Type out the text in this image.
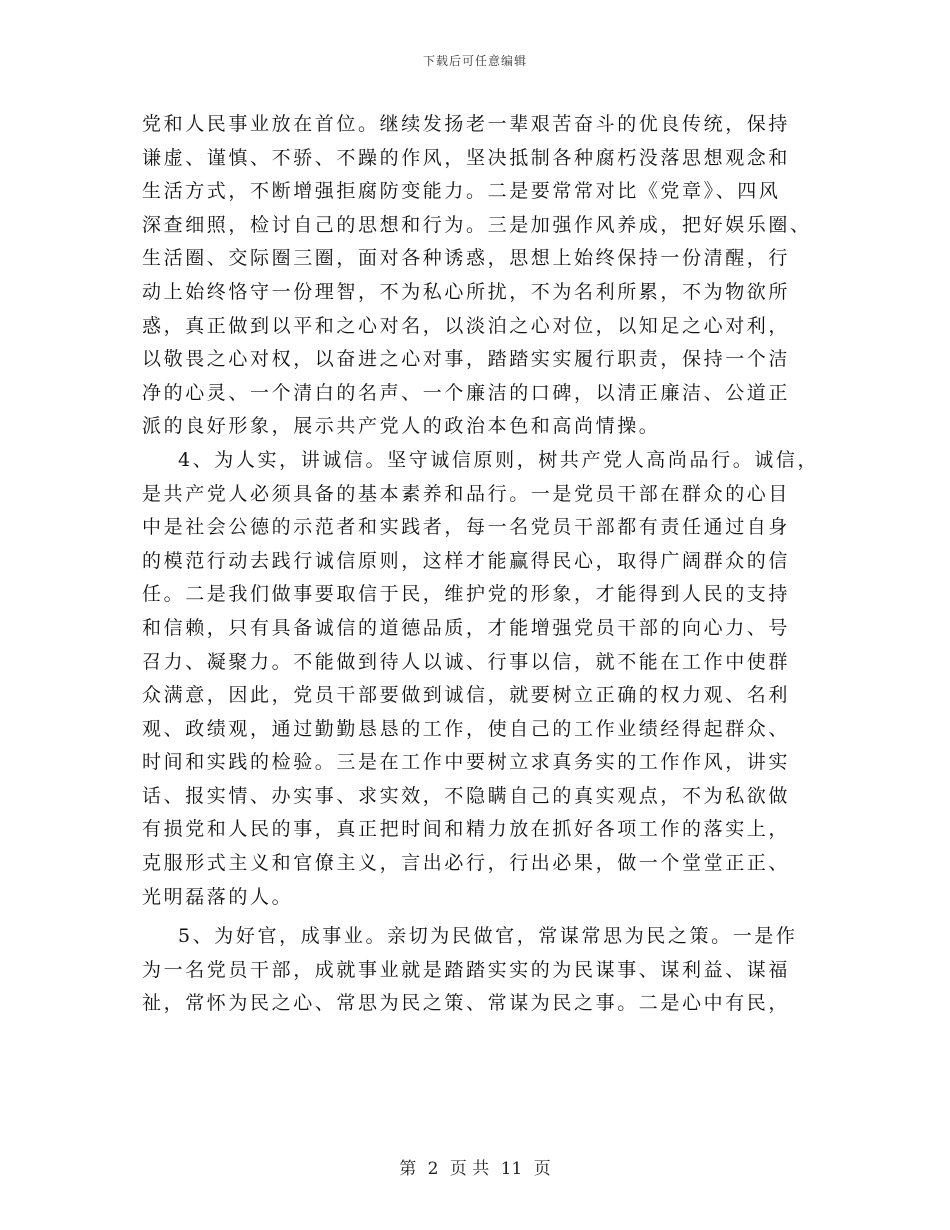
下载后可任意编辑
党和人民事业放在首位。继续发扬老一辈艰苦奋斗的优良传统，保持
谦虚、谨慎、不骄、不躁的作风，坚决抵制各种腐朽没落思想观念和
生活方式，不断增强拒腐防变能力。二是要常常对比《党章》、四风
深查细照，检讨自己的思想和行为。三是加强作风养成，把好娱乐圈、
生活圈、交际圈三圈，面对各种诱惑，思想上始终保持一份清醒，行
动上始终恪守一份理智，不为私心所扰，不为名利所累，不为物欲所
惑，真正做到以平和之心对名，以淡泊之心对位，以知足之心对利，
以敬畏之心对权，以奋进之心对事，踏踏实实履行职责，保持一个洁
净的心灵、一个清白的名声、一个廉洁的口碑，以清正廉洁、公道正
派的良好形象，展示共产党人的政治本色和高尚情操。
4、为人实，讲诚信。坚守诚信原则，树共产党人高尚品行。诚信，
是共产党人必须具备的基本素养和品行。一是党员干部在群众的心目
中是社会公德的示范者和实践者，每一名党员干部都有责任通过自身
的模范行动去践行诚信原则，这样才能赢得民心，取得广阔群众的信
任。二是我们做事要取信于民，维护党的形象，才能得到人民的支持
和信赖，只有具备诚信的道德品质，才能增强党员干部的向心力、号
召力、凝聚力。不能做到待人以诚、行事以信，就不能在工作中使群
众满意，因此，党员干部要做到诚信，就要树立正确的权力观、名利
观、政绩观，通过勤勤恳恳的工作，使自己的工作业绩经得起群众、
时间和实践的检验。三是在工作中要树立求真务实的工作作风，讲实
话、报实情、办实事、求实效，不隐瞒自己的真实观点，不为私欲做
有损党和人民的事，真正把时间和精力放在抓好各项工作的落实上，
克服形式主义和官僚主义，言出必行，行出必果，做一个堂堂正正、
光明磊落的人。
5、为好官，成事业。亲切为民做官，常谋常思为民之策。一是作
为一名党员干部，成就事业就是踏踏实实的为民谋事、谋利益、谋福
祉，常怀为民之心、常思为民之策、常谋为民之事。二是心中有民，
第 2 页 共 11 页
